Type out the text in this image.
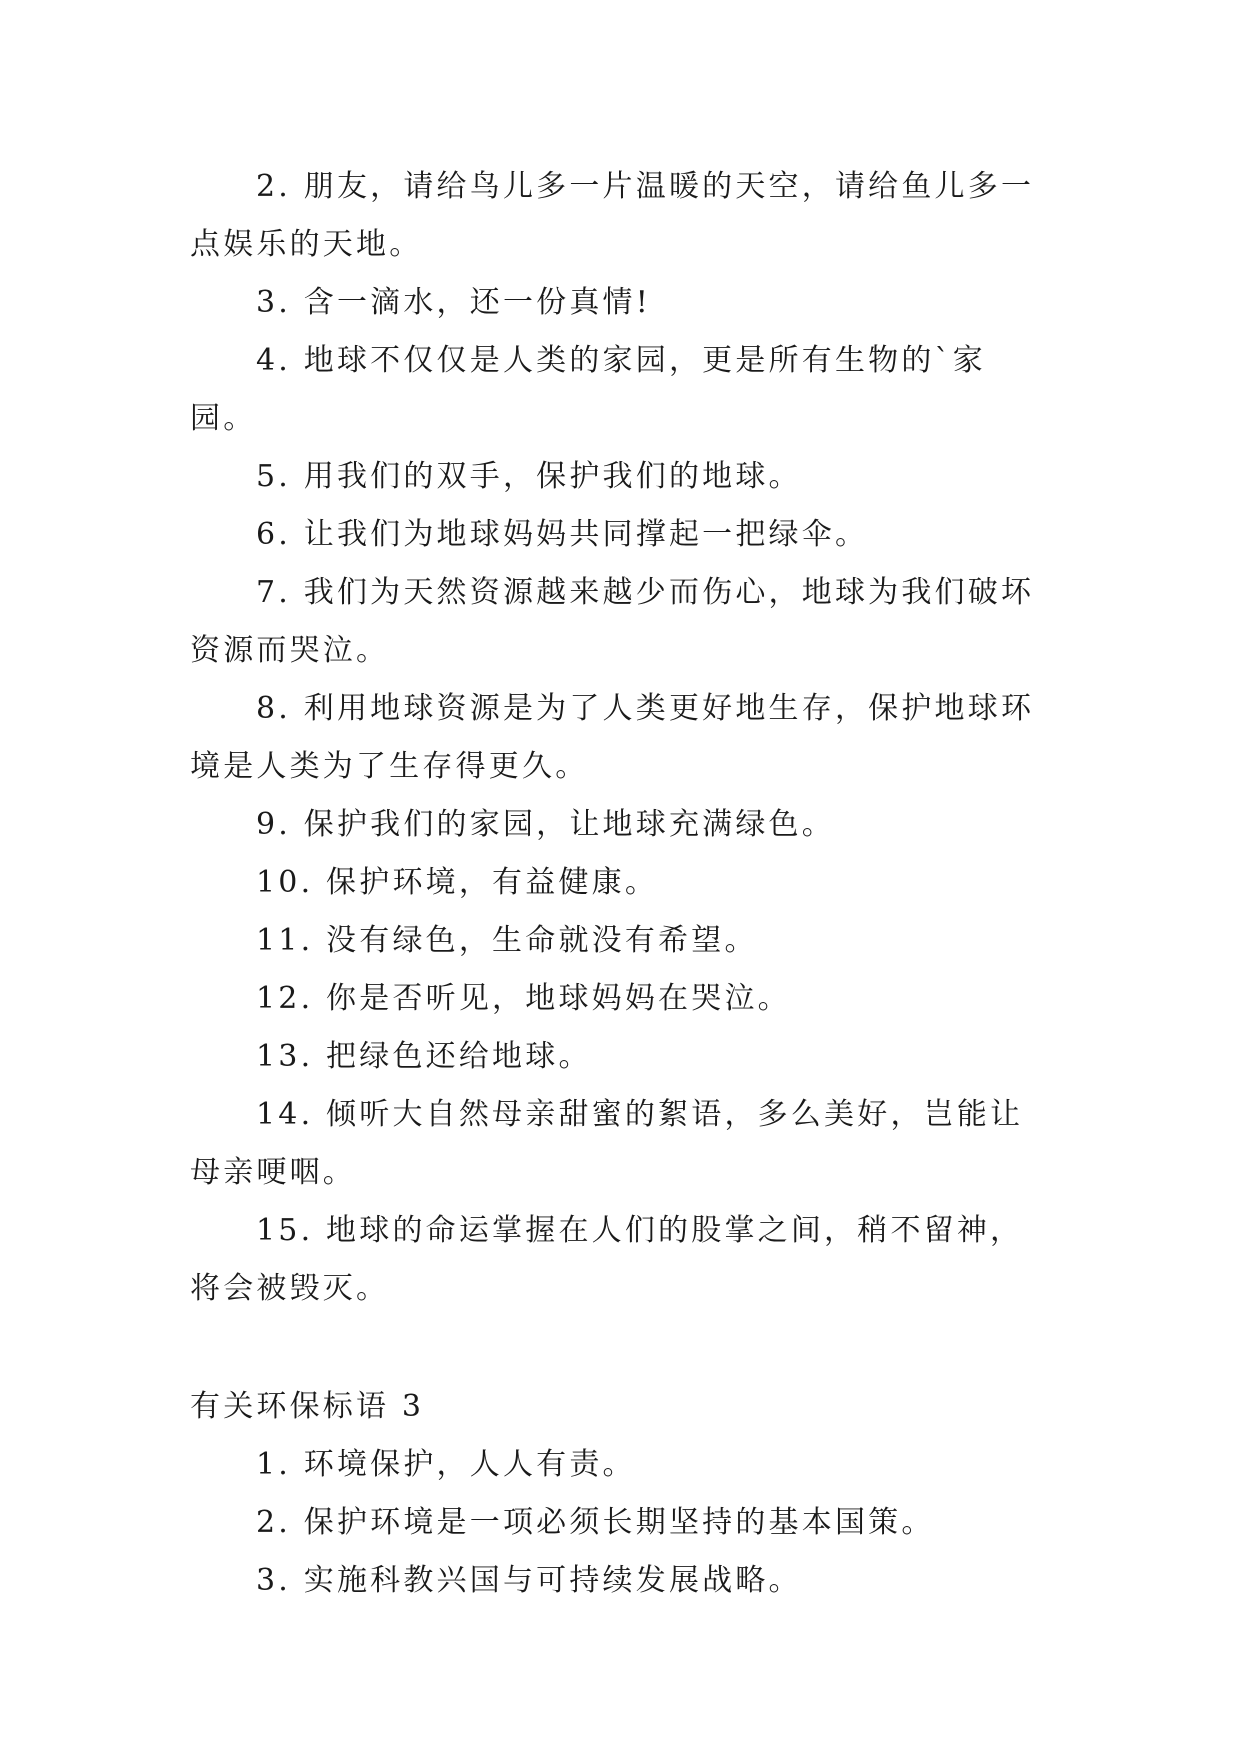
2. 朋友，请给鸟儿多一片温暖的天空，请给鱼儿多一点娱乐的天地。

3. 含一滴水，还一份真情!

4. 地球不仅仅是人类的家园，更是所有生物的`家园。

5. 用我们的双手，保护我们的地球。

6. 让我们为地球妈妈共同撑起一把绿伞。

7. 我们为天然资源越来越少而伤心，地球为我们破坏资源而哭泣。

8. 利用地球资源是为了人类更好地生存，保护地球环境是人类为了生存得更久。

9. 保护我们的家园，让地球充满绿色。

10. 保护环境，有益健康。

11. 没有绿色，生命就没有希望。

12. 你是否听见，地球妈妈在哭泣。

13. 把绿色还给地球。

14. 倾听大自然母亲甜蜜的絮语，多么美好，岂能让母亲哽咽。

15. 地球的命运掌握在人们的股掌之间，稍不留神，将会被毁灭。

有关环保标语 3

1. 环境保护，人人有责。

2. 保护环境是一项必须长期坚持的基本国策。

3. 实施科教兴国与可持续发展战略。
